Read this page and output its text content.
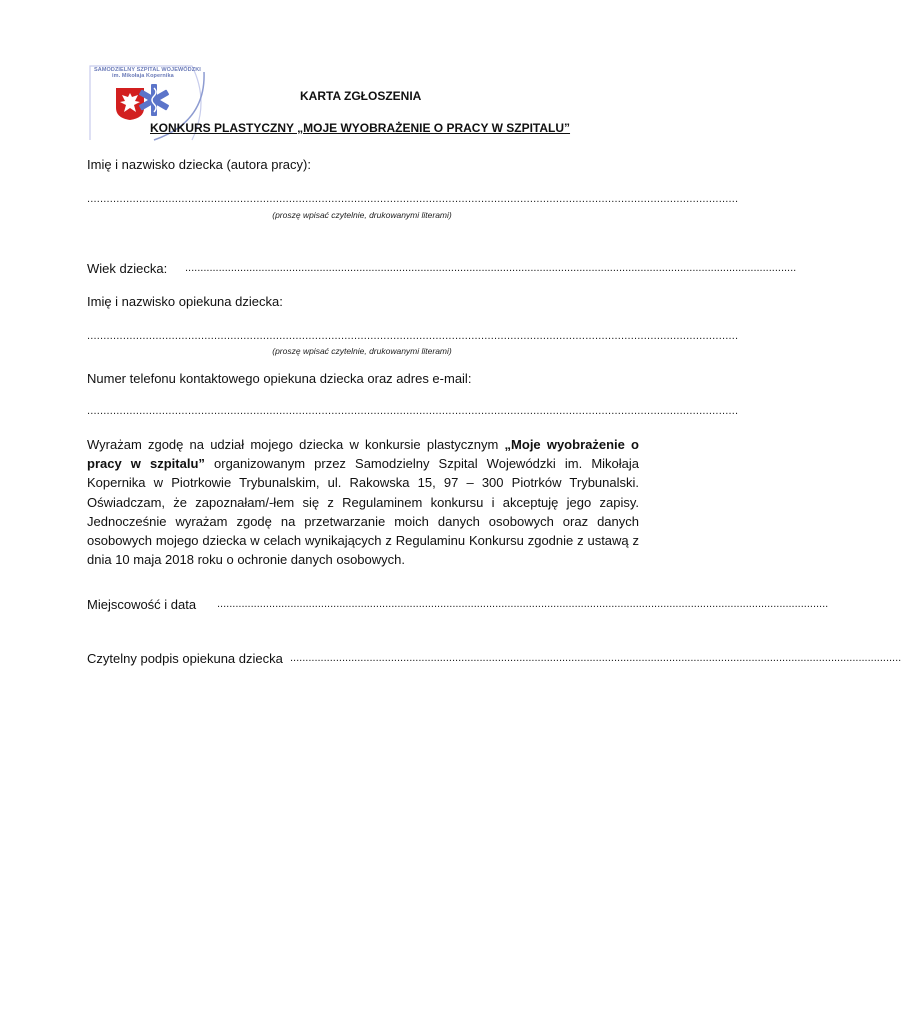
SAMODZIELNY SZPITAL WOJEWÓDZKI
im. Mikołaja Kopernika
KARTA ZGŁOSZENIA
KONKURS PLASTYCZNY „MOJE WYOBRAŻENIE O PRACY W SZPITALU”
Imię i nazwisko dziecka (autora pracy):
........................................................................................................................................................................................................
(proszę wpisać czytelnie, drukowanymi literami)
Wiek dziecka: ........................................................................................................................................................................................................
Imię i nazwisko opiekuna dziecka:
........................................................................................................................................................................................................
(proszę wpisać czytelnie, drukowanymi literami)
Numer telefonu kontaktowego opiekuna dziecka oraz adres e-mail:
........................................................................................................................................................................................................
Wyrażam zgodę na udział mojego dziecka w konkursie plastycznym „Moje wyobrażenie o pracy w szpitalu” organizowanym przez Samodzielny Szpital Wojewódzki im. Mikołaja Kopernika w Piotrkowie Trybunalskim, ul. Rakowska 15, 97 – 300 Piotrków Trybunalski. Oświadczam, że zapoznałam/-łem się z Regulaminem konkursu i akceptuję jego zapisy. Jednocześnie wyrażam zgodę na przetwarzanie moich danych osobowych oraz danych osobowych mojego dziecka w celach wynikających z Regulaminu Konkursu zgodnie z ustawą z dnia 10 maja 2018 roku o ochronie danych osobowych.
Miejscowość i data ........................................................................................................................................................................................................
Czytelny podpis opiekuna dziecka ........................................................................................................................................................................................................
